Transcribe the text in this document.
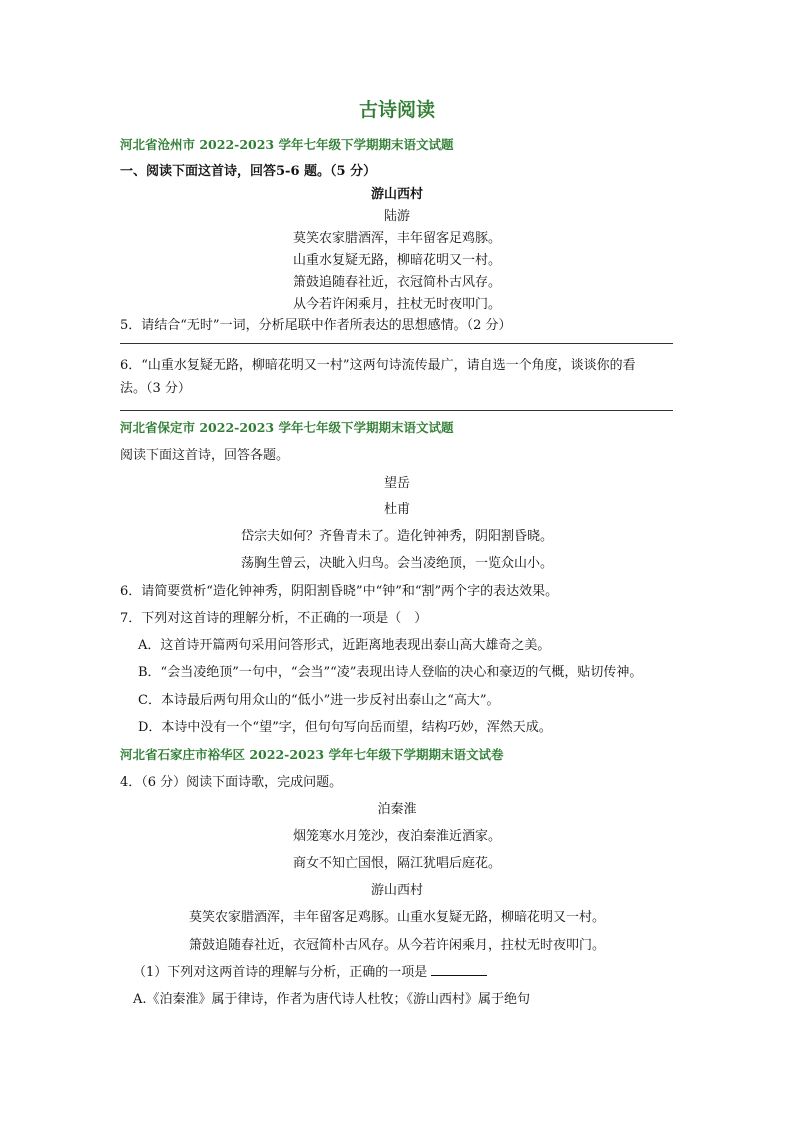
古诗阅读
河北省沧州市 2022-2023 学年七年级下学期期末语文试题
一、阅读下面这首诗，回答5-6 题。（5 分）
游山西村
陆游
莫笑农家腊酒浑，丰年留客足鸡豚。
山重水复疑无路，柳暗花明又一村。
箫鼓追随春社近，衣冠简朴古风存。
从今若许闲乘月，拄杖无时夜叩门。
5．请结合“无时”一词，分析尾联中作者所表达的思想感情。（2 分）
6．“山重水复疑无路，柳暗花明又一村”这两句诗流传最广，请自选一个角度，谈谈你的看
法。（3 分）
河北省保定市 2022-2023 学年七年级下学期期末语文试题
阅读下面这首诗，回答各题。
望岳
杜甫
岱宗夫如何？齐鲁青未了。造化钟神秀，阴阳割昏晓。
荡胸生曾云，决眦入归鸟。会当凌绝顶，一览众山小。
6．请简要赏析“造化钟神秀，阴阳割昏晓”中“钟”和“割”两个字的表达效果。
7．下列对这首诗的理解分析，不正确的一项是（　）
A．这首诗开篇两句采用问答形式，近距离地表现出泰山高大雄奇之美。
B．“会当凌绝顶”一句中，“会当”“凌”表现出诗人登临的决心和豪迈的气概，贴切传神。
C．本诗最后两句用众山的“低小”进一步反衬出泰山之“高大”。
D．本诗中没有一个“望”字，但句句写向岳而望，结构巧妙，浑然天成。
河北省石家庄市裕华区 2022-2023 学年七年级下学期期末语文试卷
4．（6 分）阅读下面诗歌，完成问题。
泊秦淮
烟笼寒水月笼沙，夜泊秦淮近酒家。
商女不知亡国恨，隔江犹唱后庭花。
游山西村
莫笑农家腊酒浑，丰年留客足鸡豚。山重水复疑无路，柳暗花明又一村。
箫鼓追随春社近，衣冠简朴古风存。从今若许闲乘月，拄杖无时夜叩门。
（1）下列对这两首诗的理解与分析，正确的一项是
A.《泊秦淮》属于律诗，作者为唐代诗人杜牧；《游山西村》属于绝句
